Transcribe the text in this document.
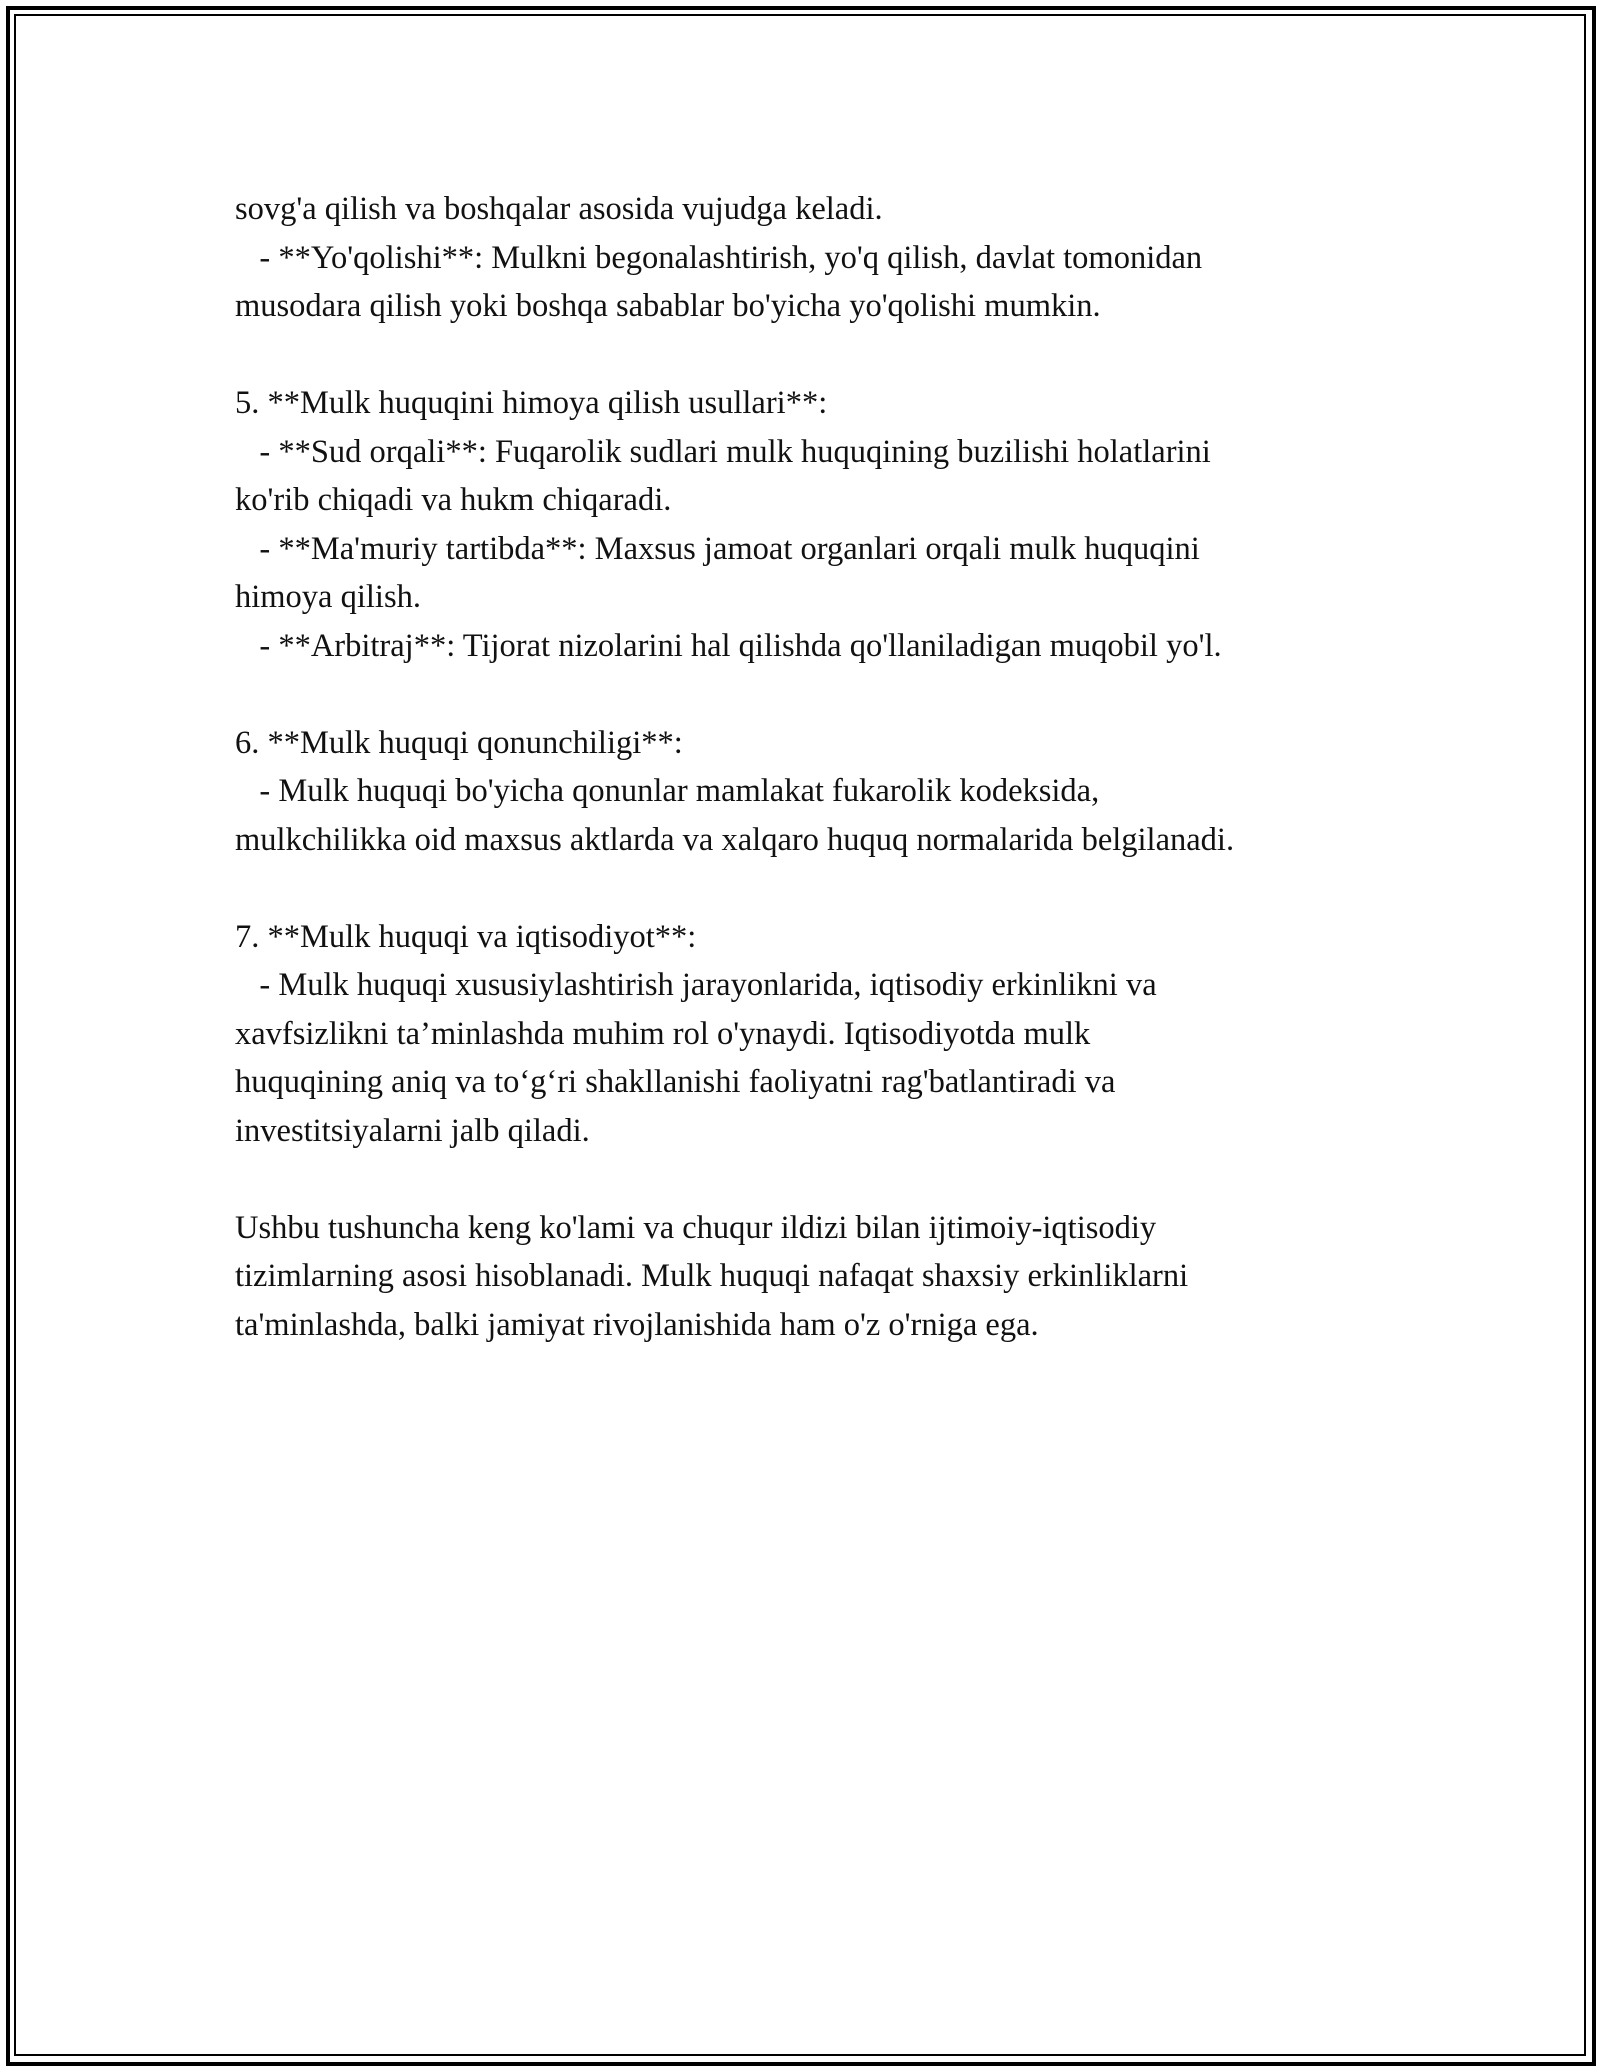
sovg'a qilish va boshqalar asosida vujudga keladi.
- **Yo'qolishi**: Mulkni begonalashtirish, yo'q qilish, davlat tomonidan
musodara qilish yoki boshqa sabablar bo'yicha yo'qolishi mumkin.
5. **Mulk huquqini himoya qilish usullari**:
- **Sud orqali**: Fuqarolik sudlari mulk huquqining buzilishi holatlarini
ko'rib chiqadi va hukm chiqaradi.
- **Ma'muriy tartibda**: Maxsus jamoat organlari orqali mulk huquqini
himoya qilish.
- **Arbitraj**: Tijorat nizolarini hal qilishda qo'llaniladigan muqobil yo'l.
6. **Mulk huquqi qonunchiligi**:
- Mulk huquqi bo'yicha qonunlar mamlakat fukarolik kodeksida,
mulkchilikka oid maxsus aktlarda va xalqaro huquq normalarida belgilanadi.
7. **Mulk huquqi va iqtisodiyot**:
- Mulk huquqi xususiylashtirish jarayonlarida, iqtisodiy erkinlikni va
xavfsizlikni ta’minlashda muhim rol o'ynaydi. Iqtisodiyotda mulk
huquqining aniq va to‘g‘ri shakllanishi faoliyatni rag'batlantiradi va
investitsiyalarni jalb qiladi.
Ushbu tushuncha keng ko'lami va chuqur ildizi bilan ijtimoiy-iqtisodiy
tizimlarning asosi hisoblanadi. Mulk huquqi nafaqat shaxsiy erkinliklarni
ta'minlashda, balki jamiyat rivojlanishida ham o'z o'rniga ega.
